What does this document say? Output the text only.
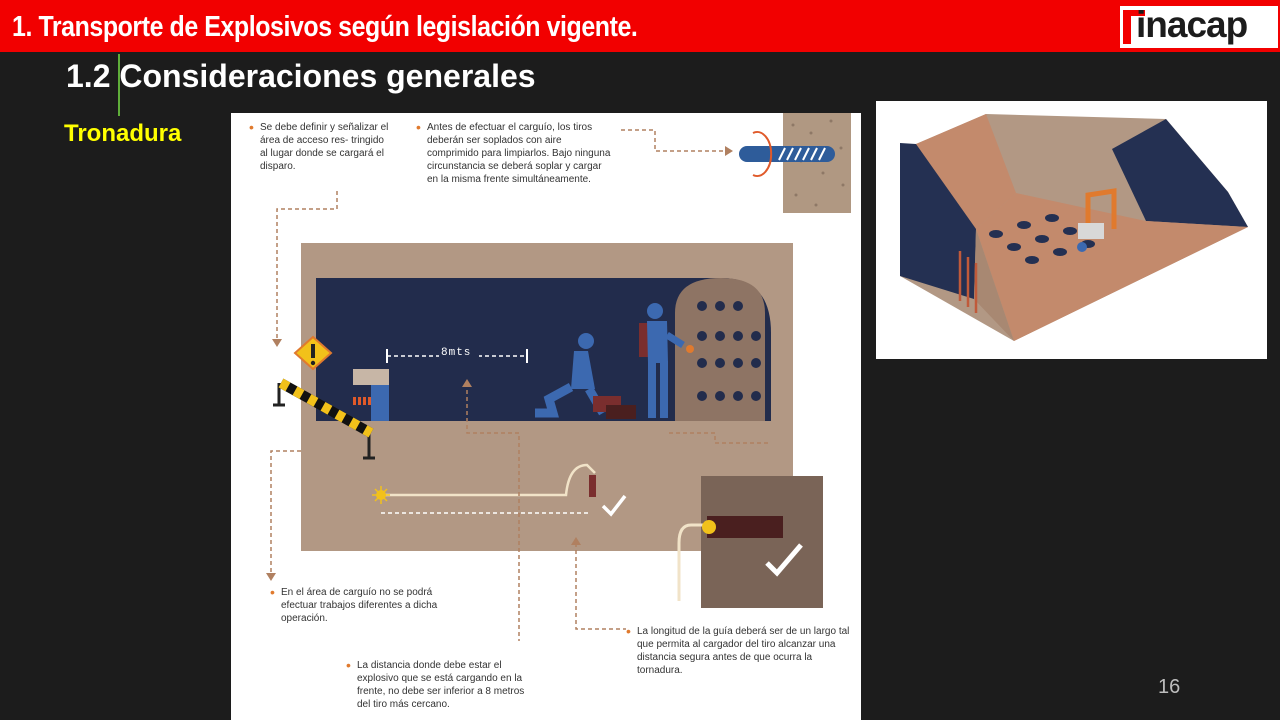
1. Transporte de Explosivos según legislación vigente.	inacap
1.2 Consideraciones generales
Tronadura

•	Se debe definir y señalizar el área de acceso res- tringido al lugar donde se cargará el disparo.

• Antes de efectuar el carguío, los tiros deberán ser soplados con aire comprimido para limpiarlos. Bajo ninguna circunstancia se deberá soplar y cargar en la misma frente simultáneamente.

• En el área de carguío no se podrá efectuar trabajos diferentes a dicha operación.

• La distancia donde debe estar el explosivo que se está cargando en la frente, no debe ser inferior a 8 metros del tiro más cercano.

• La longitud de la guía deberá ser de un largo tal que permita al cargador del tiro alcanzar una distancia segura antes de que ocurra la tornadura.

8mts
16
